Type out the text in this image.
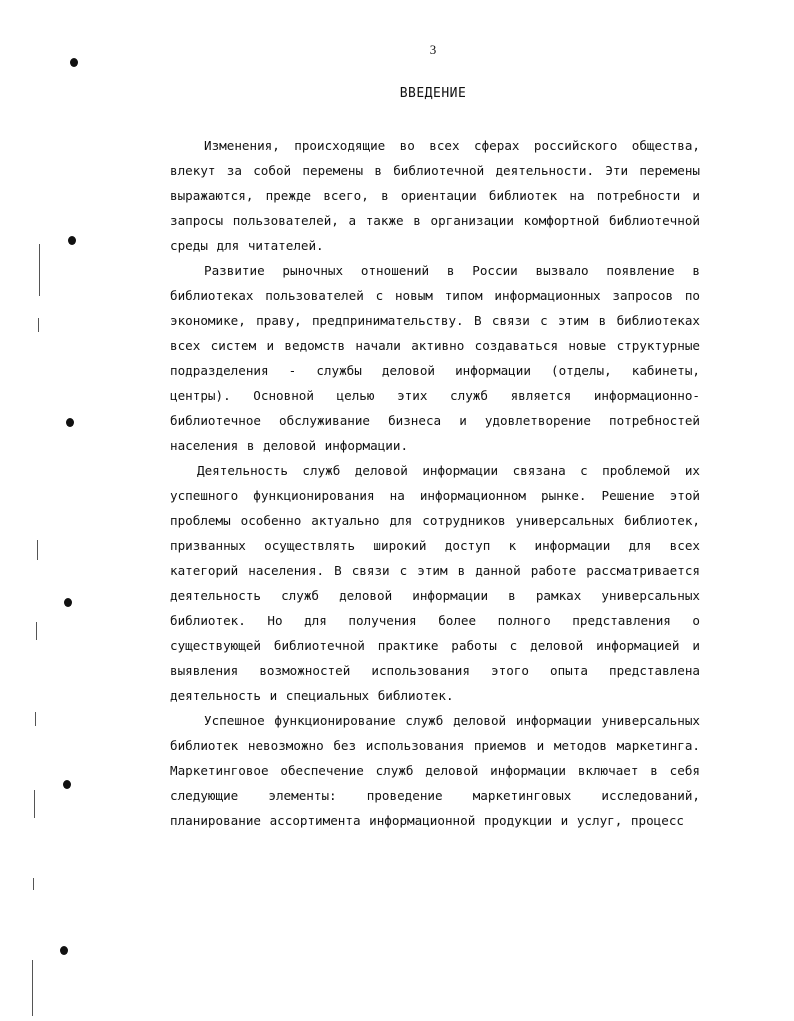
3
ВВЕДЕНИЕ

Изменения, происходящие во всех сферах российского общества, влекут за собой перемены в библиотечной деятельности. Эти перемены выражаются, прежде всего, в ориентации библиотек на потребности и запросы пользователей, а также в организации комфортной библиотечной среды для читателей.

Развитие рыночных отношений в России вызвало появление в библиотеках пользователей с новым типом информационных запросов по экономике, праву, предпринимательству. В связи с этим в библиотеках всех систем и ведомств начали активно создаваться новые структурные подразделения - службы деловой информации (отделы, кабинеты, центры). Основной целью этих служб является информационно-библиотечное обслуживание бизнеса и удовлетворение потребностей населения в деловой информации.

Деятельность служб деловой информации связана с проблемой их успешного функционирования на информационном рынке. Решение этой проблемы особенно актуально для сотрудников универсальных библиотек, призванных осуществлять широкий доступ к информации для всех категорий населения. В связи с этим в данной работе рассматривается деятельность служб деловой информации в рамках универсальных библиотек. Но для получения более полного представления о существующей библиотечной практике работы с деловой информацией и выявления возможностей использования этого опыта представлена деятельность и специальных библиотек.

Успешное функционирование служб деловой информации универсальных библиотек невозможно без использования приемов и методов маркетинга. Маркетинговое обеспечение служб деловой информации включает в себя следующие элементы: проведение маркетинговых исследований, планирование ассортимента информационной продукции и услуг, процесс
